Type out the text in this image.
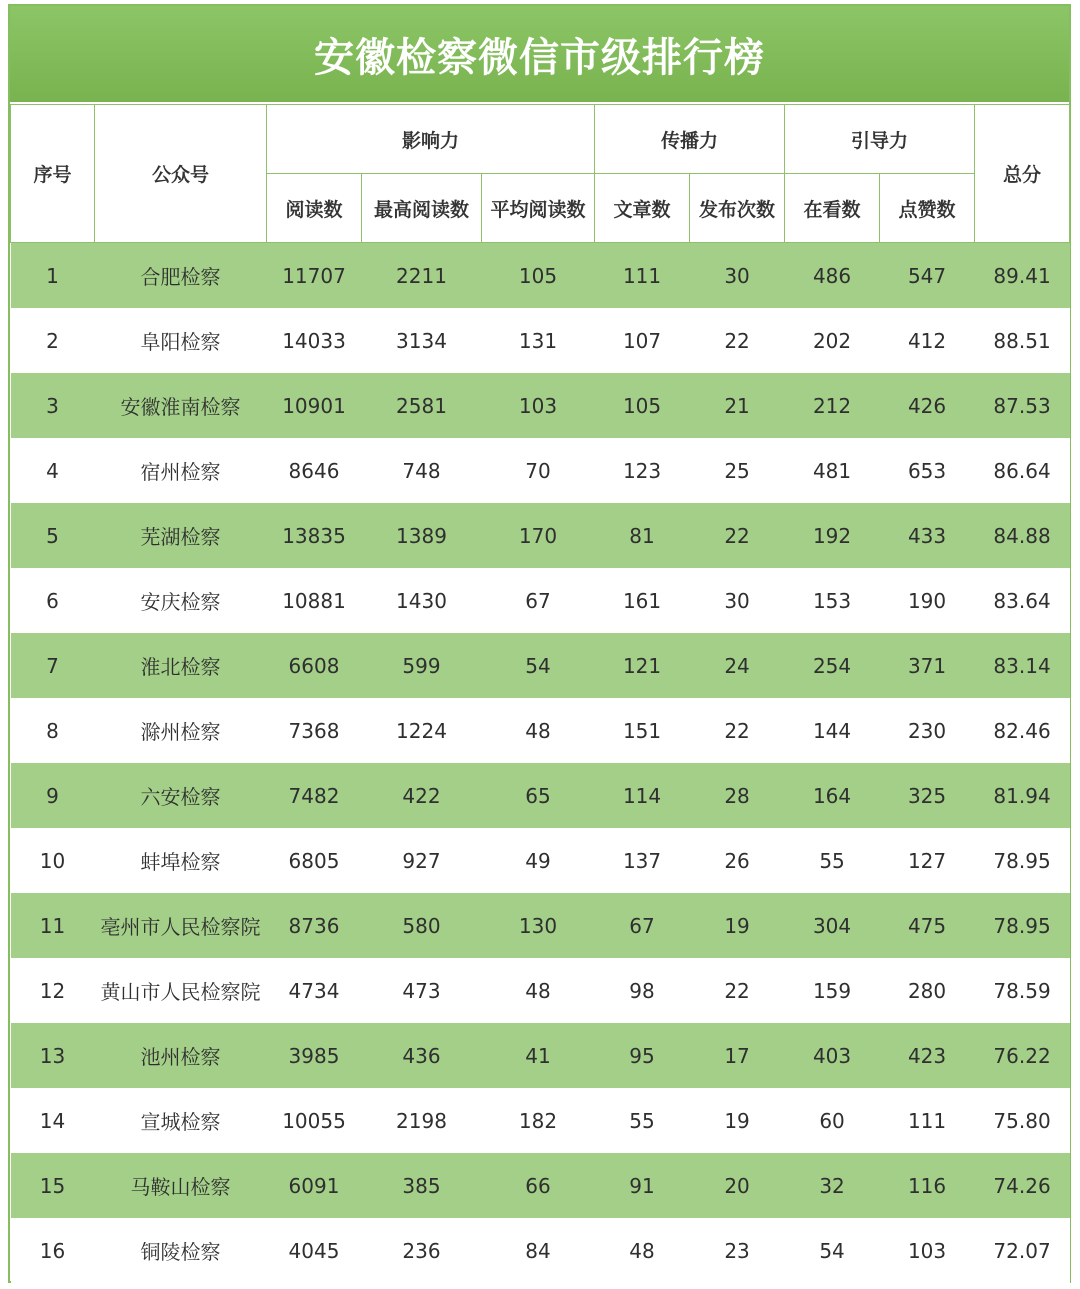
安徽检察微信市级排行榜
序号	公众号	影响力			传播力		引导力		总分
		阅读数	最高阅读数	平均阅读数	文章数	发布次数	在看数	点赞数	
1	合肥检察	11707	2211	105	111	30	486	547	89.41
2	阜阳检察	14033	3134	131	107	22	202	412	88.51
3	安徽淮南检察	10901	2581	103	105	21	212	426	87.53
4	宿州检察	8646	748	70	123	25	481	653	86.64
5	芜湖检察	13835	1389	170	81	22	192	433	84.88
6	安庆检察	10881	1430	67	161	30	153	190	83.64
7	淮北检察	6608	599	54	121	24	254	371	83.14
8	滁州检察	7368	1224	48	151	22	144	230	82.46
9	六安检察	7482	422	65	114	28	164	325	81.94
10	蚌埠检察	6805	927	49	137	26	55	127	78.95
11	亳州市人民检察院	8736	580	130	67	19	304	475	78.95
12	黄山市人民检察院	4734	473	48	98	22	159	280	78.59
13	池州检察	3985	436	41	95	17	403	423	76.22
14	宣城检察	10055	2198	182	55	19	60	111	75.80
15	马鞍山检察	6091	385	66	91	20	32	116	74.26
16	铜陵检察	4045	236	84	48	23	54	103	72.07
